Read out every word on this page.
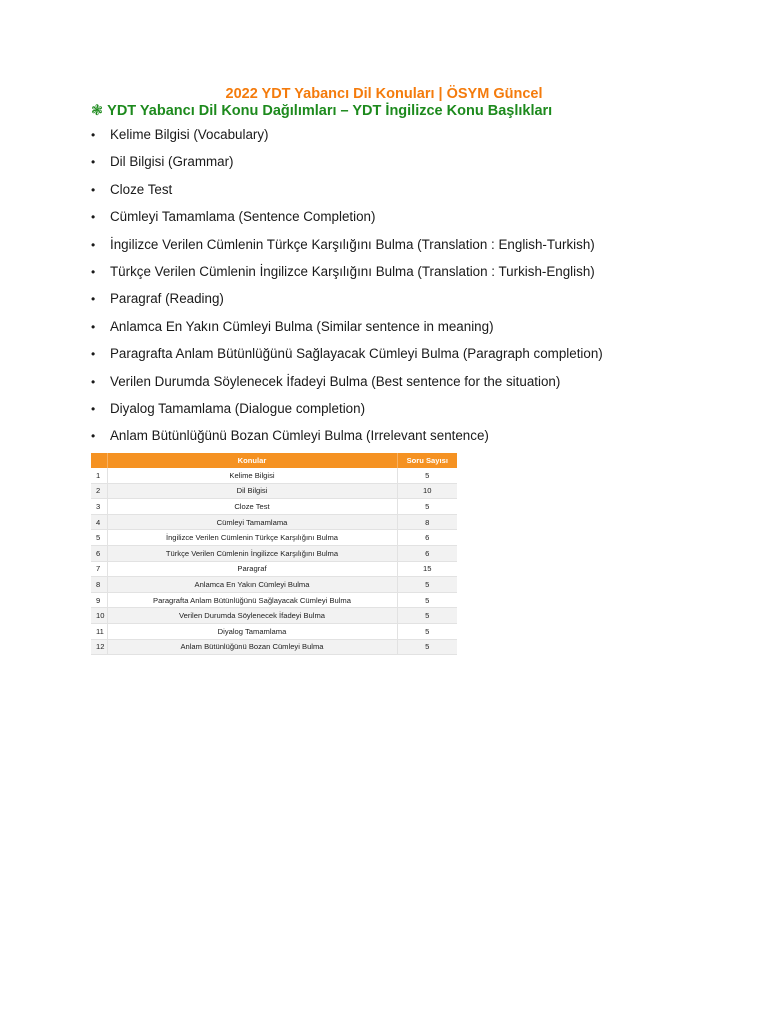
2022 YDT Yabancı Dil Konuları | ÖSYM Güncel
❃ YDT Yabancı Dil Konu Dağılımları – YDT İngilizce Konu Başlıkları
• Kelime Bilgisi (Vocabulary)
• Dil Bilgisi (Grammar)
• Cloze Test
• Cümleyi Tamamlama (Sentence Completion)
• İngilizce Verilen Cümlenin Türkçe Karşılığını Bulma (Translation : English-Turkish)
• Türkçe Verilen Cümlenin İngilizce Karşılığını Bulma (Translation : Turkish-English)
• Paragraf (Reading)
• Anlamca En Yakın Cümleyi Bulma (Similar sentence in meaning)
• Paragrafta Anlam Bütünlüğünü Sağlayacak Cümleyi Bulma (Paragraph completion)
• Verilen Durumda Söylenecek İfadeyi Bulma (Best sentence for the situation)
• Diyalog Tamamlama (Dialogue completion)
• Anlam Bütünlüğünü Bozan Cümleyi Bulma (Irrelevant sentence)
	Konular	Soru Sayısı
1	Kelime Bilgisi	5
2	Dil Bilgisi	10
3	Cloze Test	5
4	Cümleyi Tamamlama	8
5	İngilizce Verilen Cümlenin Türkçe Karşılığını Bulma	6
6	Türkçe Verilen Cümlenin İngilizce Karşılığını Bulma	6
7	Paragraf	15
8	Anlamca En Yakın Cümleyi Bulma	5
9	Paragrafta Anlam Bütünlüğünü Sağlayacak Cümleyi Bulma	5
10	Verilen Durumda Söylenecek İfadeyi Bulma	5
11	Diyalog Tamamlama	5
12	Anlam Bütünlüğünü Bozan Cümleyi Bulma	5
